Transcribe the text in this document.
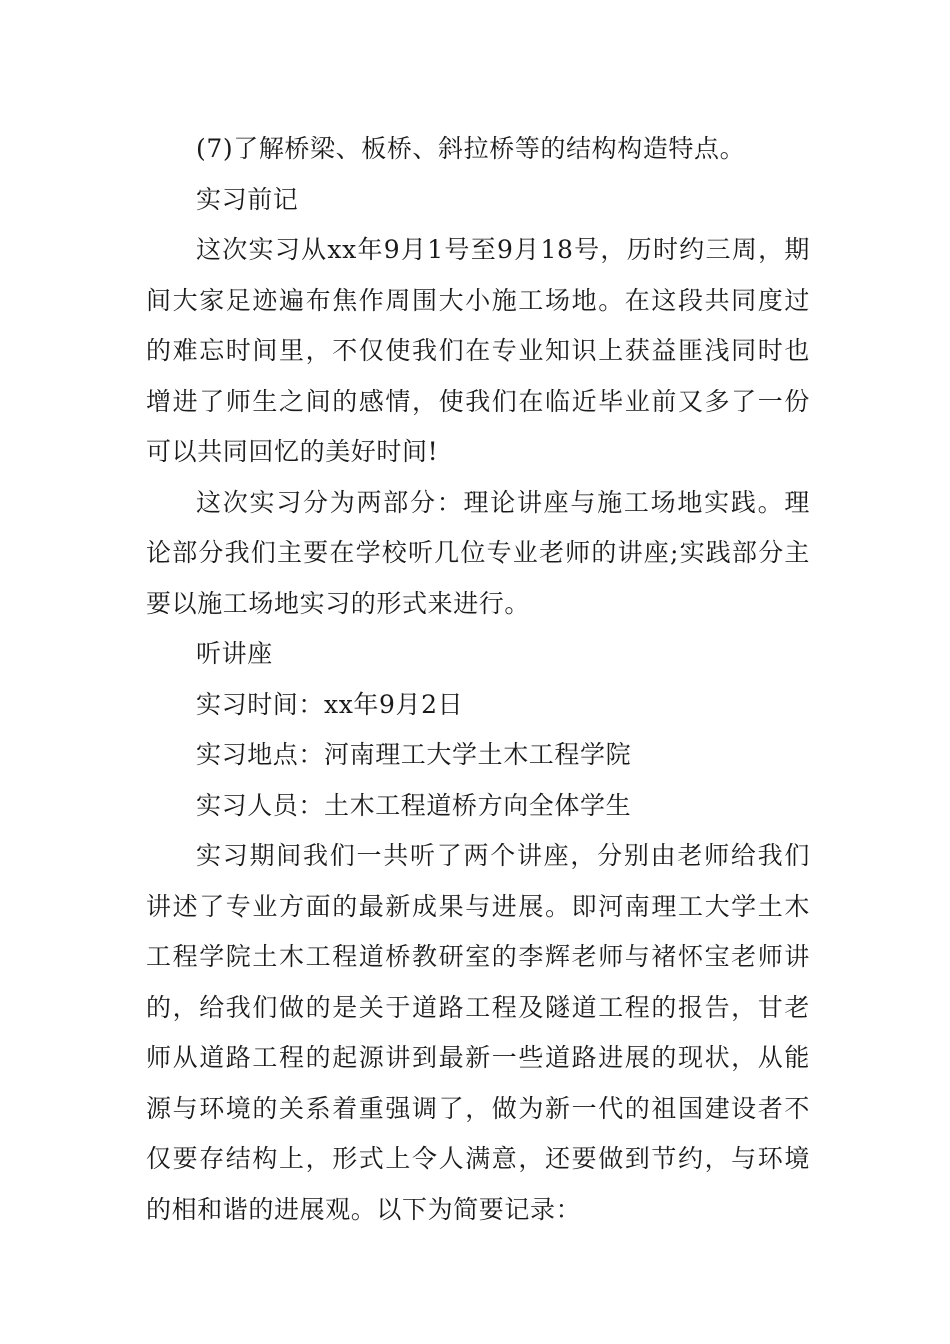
(7)了解桥梁、板桥、斜拉桥等的结构构造特点。

实习前记

这次实习从xx年9月1号至9月18号，历时约三周，期间大家足迹遍布焦作周围大小施工场地。在这段共同度过的难忘时间里，不仅使我们在专业知识上获益匪浅同时也增进了师生之间的感情，使我们在临近毕业前又多了一份可以共同回忆的美好时间!

这次实习分为两部分：理论讲座与施工场地实践。理论部分我们主要在学校听几位专业老师的讲座;实践部分主要以施工场地实习的形式来进行。

听讲座

实习时间：xx年9月2日

实习地点：河南理工大学土木工程学院

实习人员：土木工程道桥方向全体学生

实习期间我们一共听了两个讲座，分别由老师给我们讲述了专业方面的最新成果与进展。即河南理工大学土木工程学院土木工程道桥教研室的李辉老师与褚怀宝老师讲的，给我们做的是关于道路工程及隧道工程的报告，甘老师从道路工程的起源讲到最新一些道路进展的现状，从能源与环境的关系着重强调了，做为新一代的祖国建设者不仅要存结构上，形式上令人满意，还要做到节约，与环境的相和谐的进展观。以下为简要记录：
